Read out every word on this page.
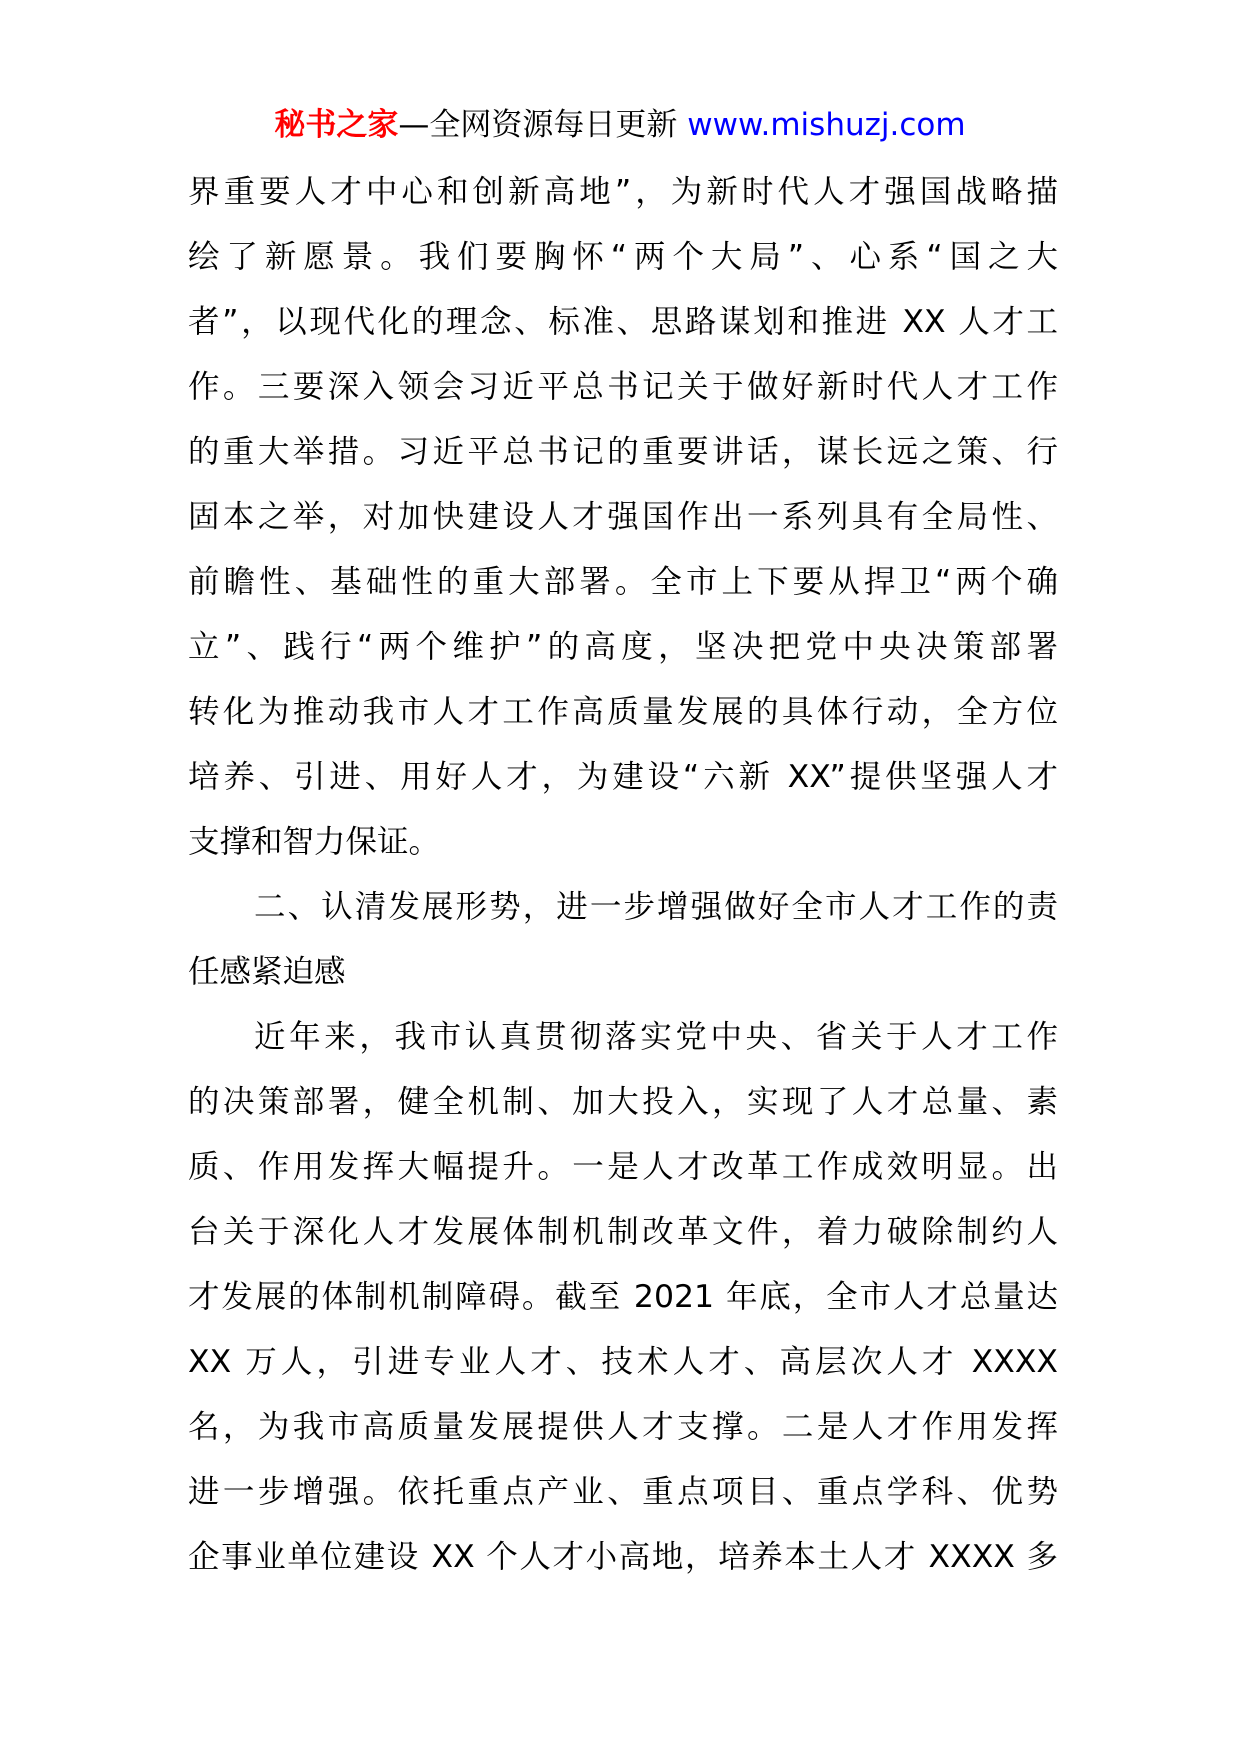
秘书之家—全网资源每日更新 www.mishuzj.com
界重要人才中心和创新高地”，为新时代人才强国战略描
绘了新愿景。我们要胸怀“两个大局”、心系“国之大
者”，以现代化的理念、标准、思路谋划和推进 XX 人才工
作。三要深入领会习近平总书记关于做好新时代人才工作
的重大举措。习近平总书记的重要讲话，谋长远之策、行
固本之举，对加快建设人才强国作出一系列具有全局性、
前瞻性、基础性的重大部署。全市上下要从捍卫“两个确
立”、践行“两个维护”的高度，坚决把党中央决策部署
转化为推动我市人才工作高质量发展的具体行动，全方位
培养、引进、用好人才，为建设“六新 XX”提供坚强人才
支撑和智力保证。
二、认清发展形势，进一步增强做好全市人才工作的责
任感紧迫感
近年来，我市认真贯彻落实党中央、省关于人才工作
的决策部署，健全机制、加大投入，实现了人才总量、素
质、作用发挥大幅提升。一是人才改革工作成效明显。出
台关于深化人才发展体制机制改革文件，着力破除制约人
才发展的体制机制障碍。截至 2021 年底，全市人才总量达
XX 万人，引进专业人才、技术人才、高层次人才 XXXX
名，为我市高质量发展提供人才支撑。二是人才作用发挥
进一步增强。依托重点产业、重点项目、重点学科、优势
企事业单位建设 XX 个人才小高地，培养本土人才 XXXX 多
